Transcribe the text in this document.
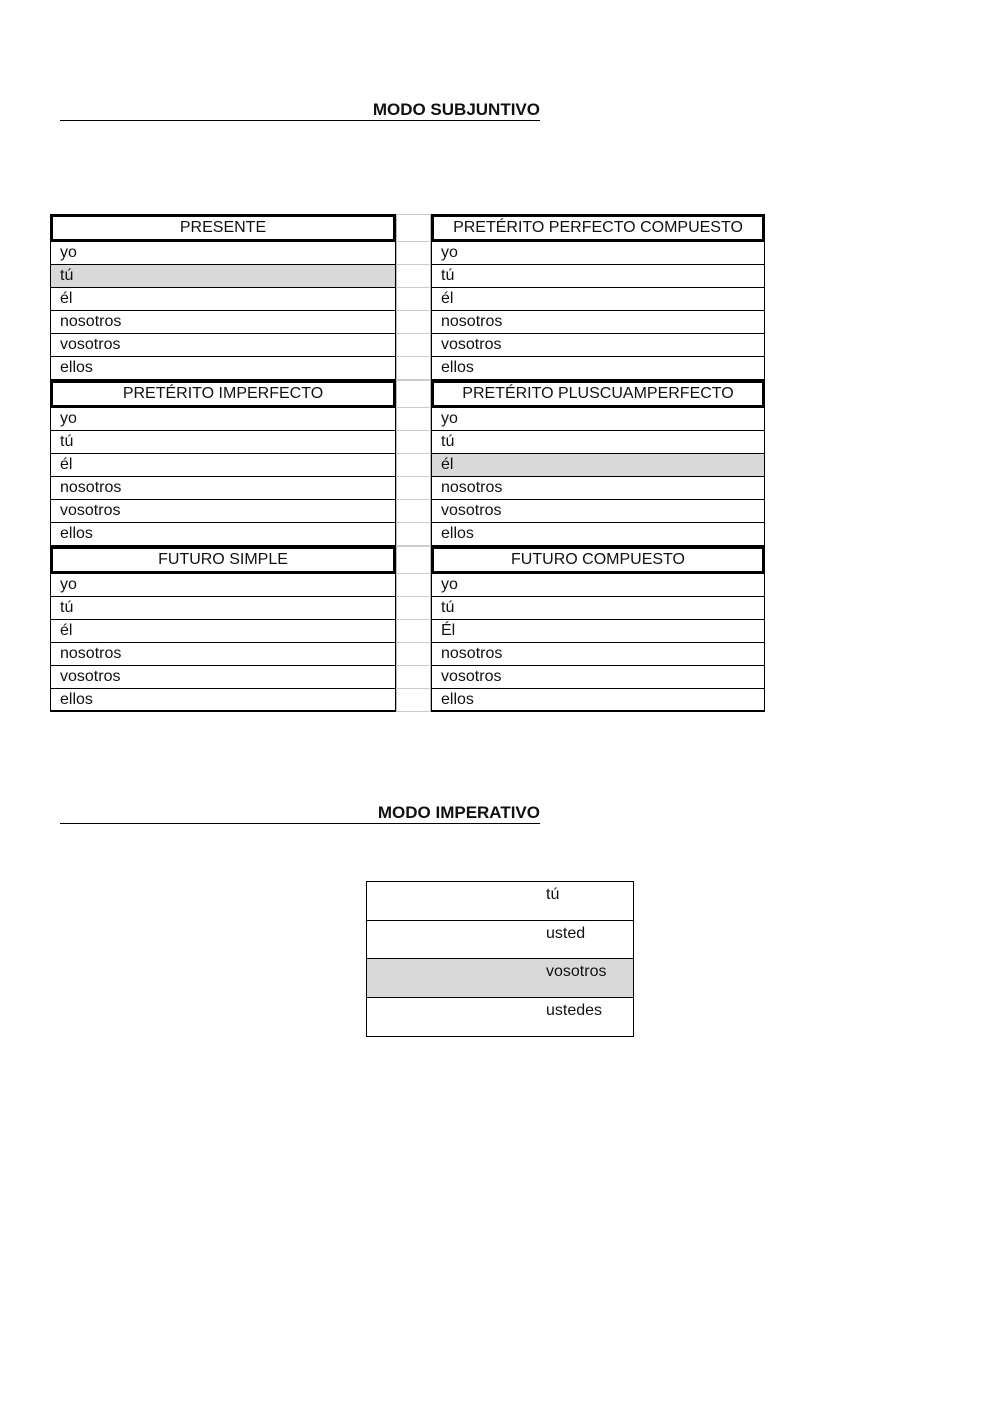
MODO SUBJUNTIVO
PRESENTE
yo
tú
él
nosotros
vosotros
ellos
PRETÉRITO IMPERFECTO
yo
tú
él
nosotros
vosotros
ellos
FUTURO SIMPLE
yo
tú
él
nosotros
vosotros
ellos
PRETÉRITO PERFECTO COMPUESTO
yo
tú
él
nosotros
vosotros
ellos
PRETÉRITO PLUSCUAMPERFECTO
yo
tú
él
nosotros
vosotros
ellos
FUTURO COMPUESTO
yo
tú
Él
nosotros
vosotros
ellos
MODO IMPERATIVO
tú
usted
vosotros
ustedes
